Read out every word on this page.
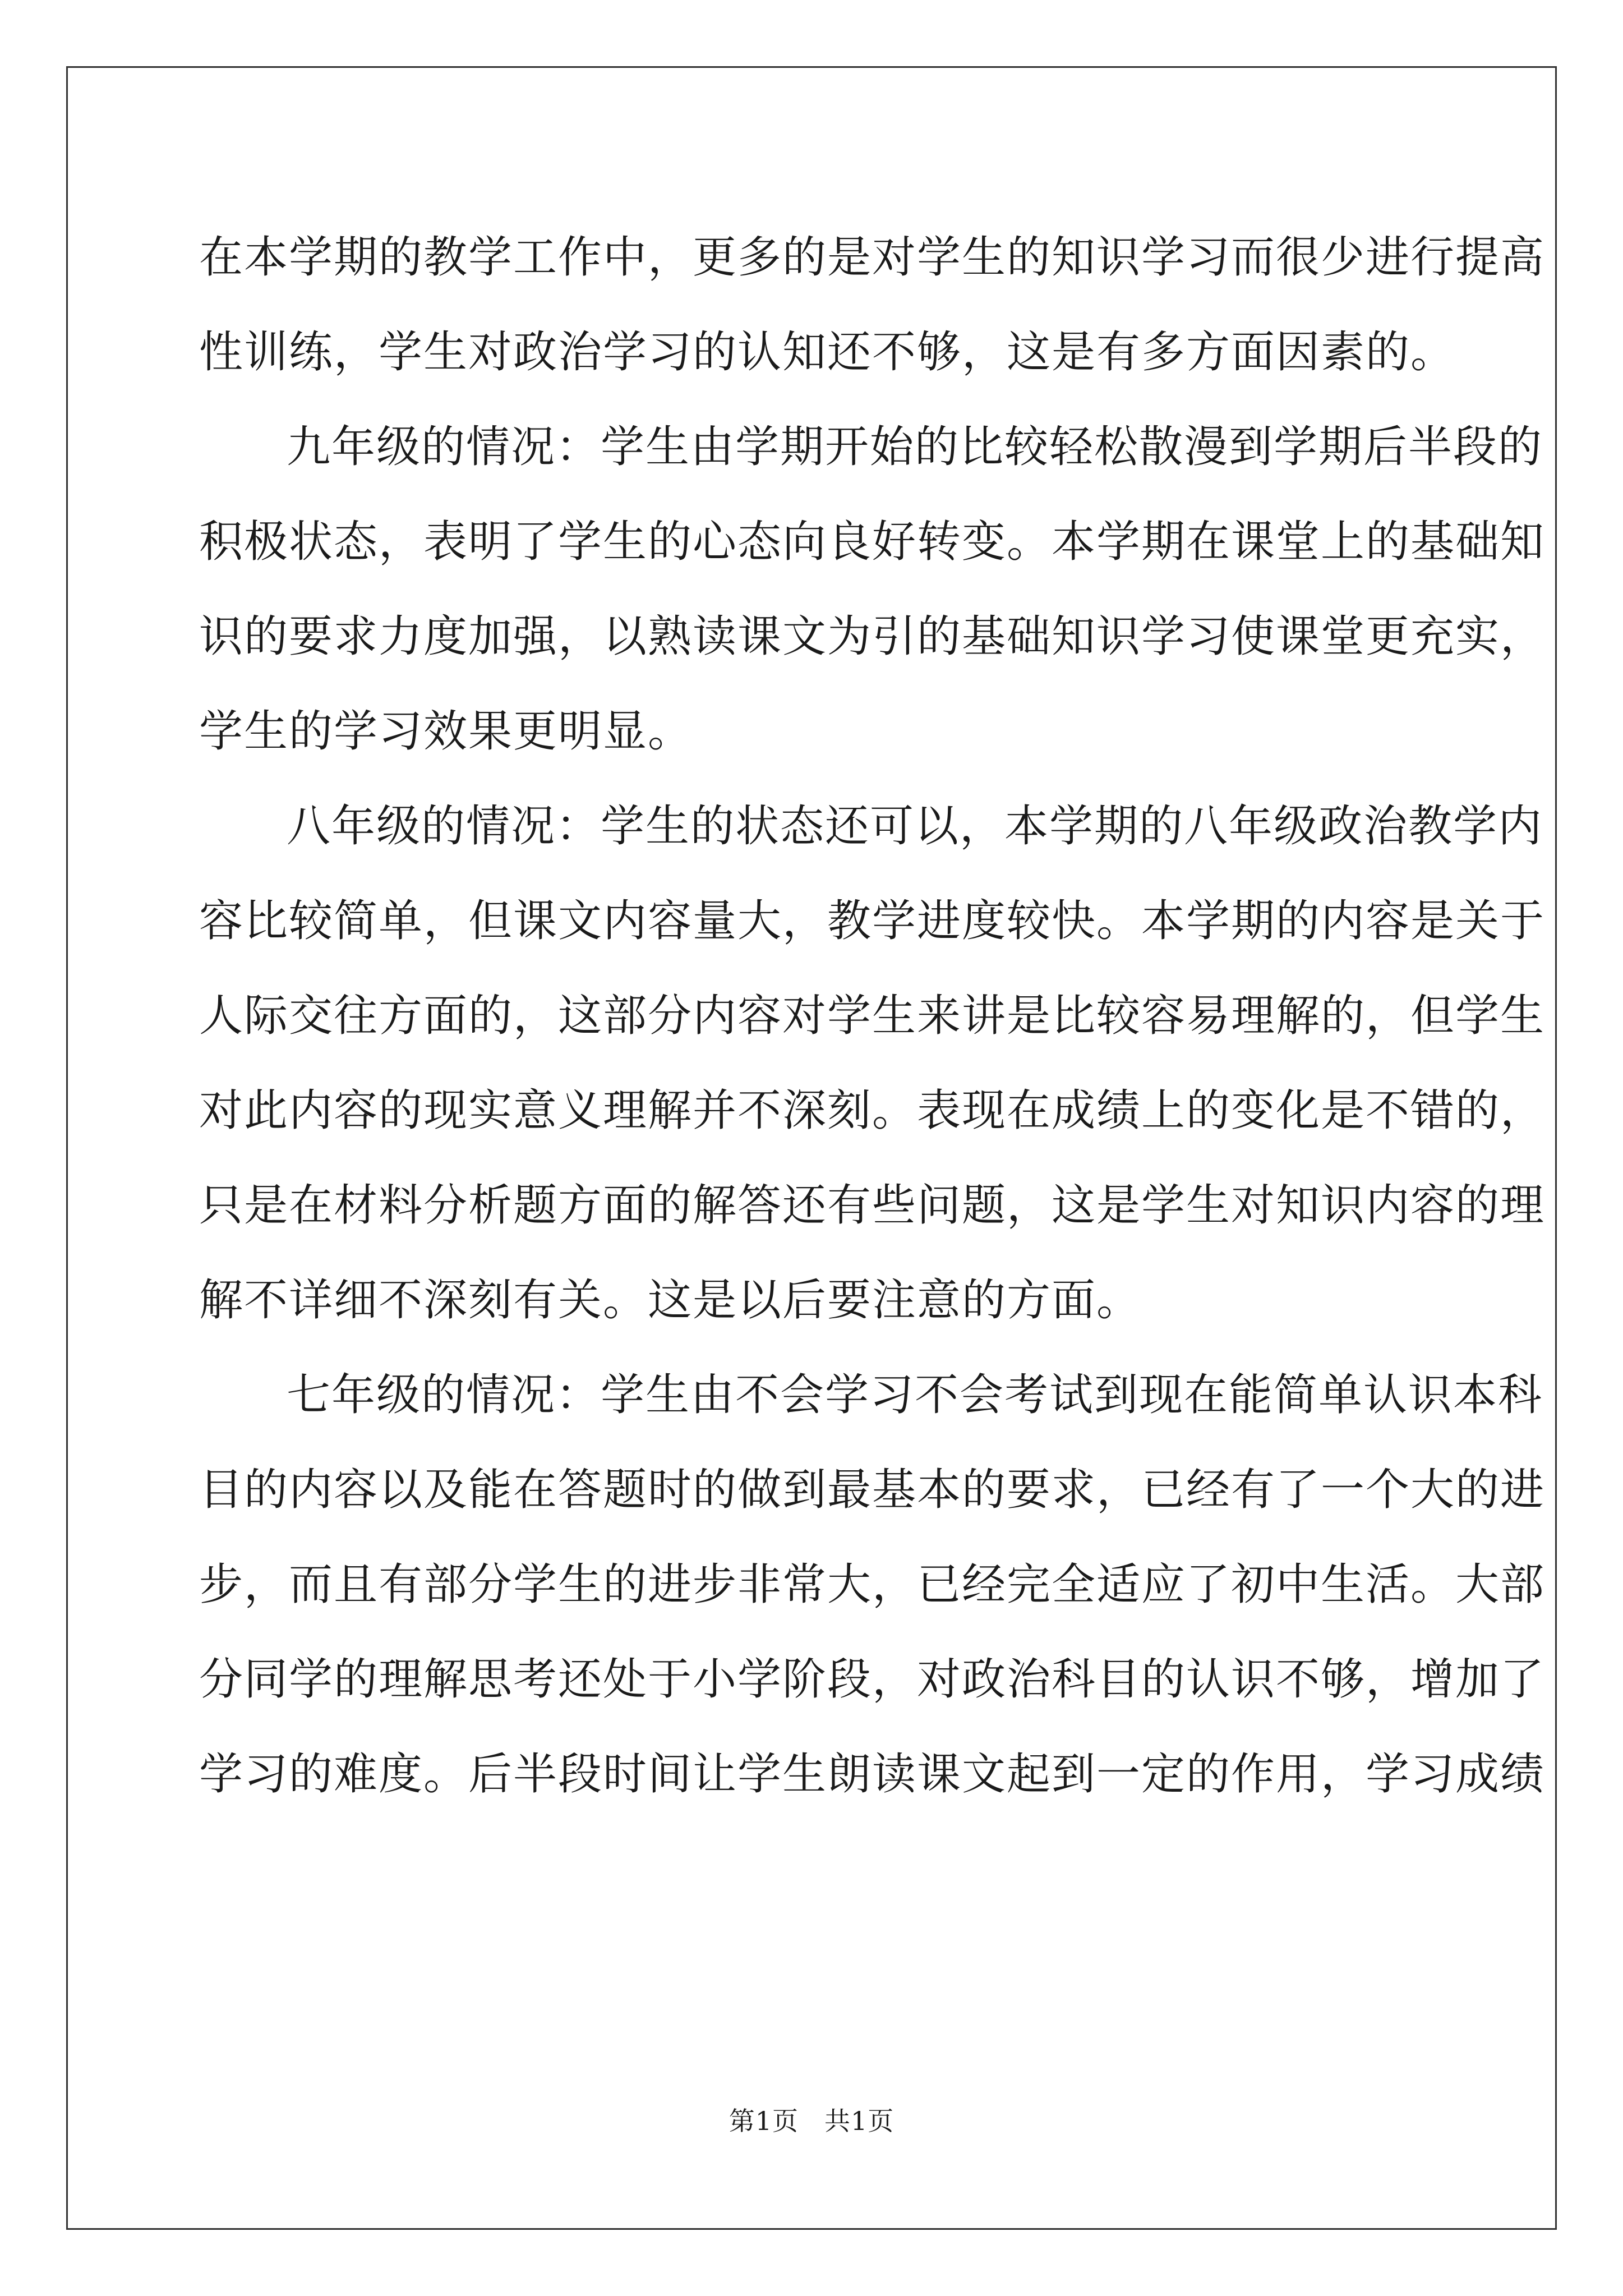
在本学期的教学工作中，更多的是对学生的知识学习而很少进行提高
性训练，学生对政治学习的认知还不够，这是有多方面因素的。

九年级的情况：学生由学期开始的比较轻松散漫到学期后半段的
积极状态，表明了学生的心态向良好转变。本学期在课堂上的基础知
识的要求力度加强，以熟读课文为引的基础知识学习使课堂更充实，
学生的学习效果更明显。

八年级的情况：学生的状态还可以，本学期的八年级政治教学内
容比较简单，但课文内容量大，教学进度较快。本学期的内容是关于
人际交往方面的，这部分内容对学生来讲是比较容易理解的，但学生
对此内容的现实意义理解并不深刻。表现在成绩上的变化是不错的，
只是在材料分析题方面的解答还有些问题，这是学生对知识内容的理
解不详细不深刻有关。这是以后要注意的方面。

七年级的情况：学生由不会学习不会考试到现在能简单认识本科
目的内容以及能在答题时的做到最基本的要求，已经有了一个大的进
步，而且有部分学生的进步非常大，已经完全适应了初中生活。大部
分同学的理解思考还处于小学阶段，对政治科目的认识不够，增加了
学习的难度。后半段时间让学生朗读课文起到一定的作用，学习成绩

第1页 共1页
